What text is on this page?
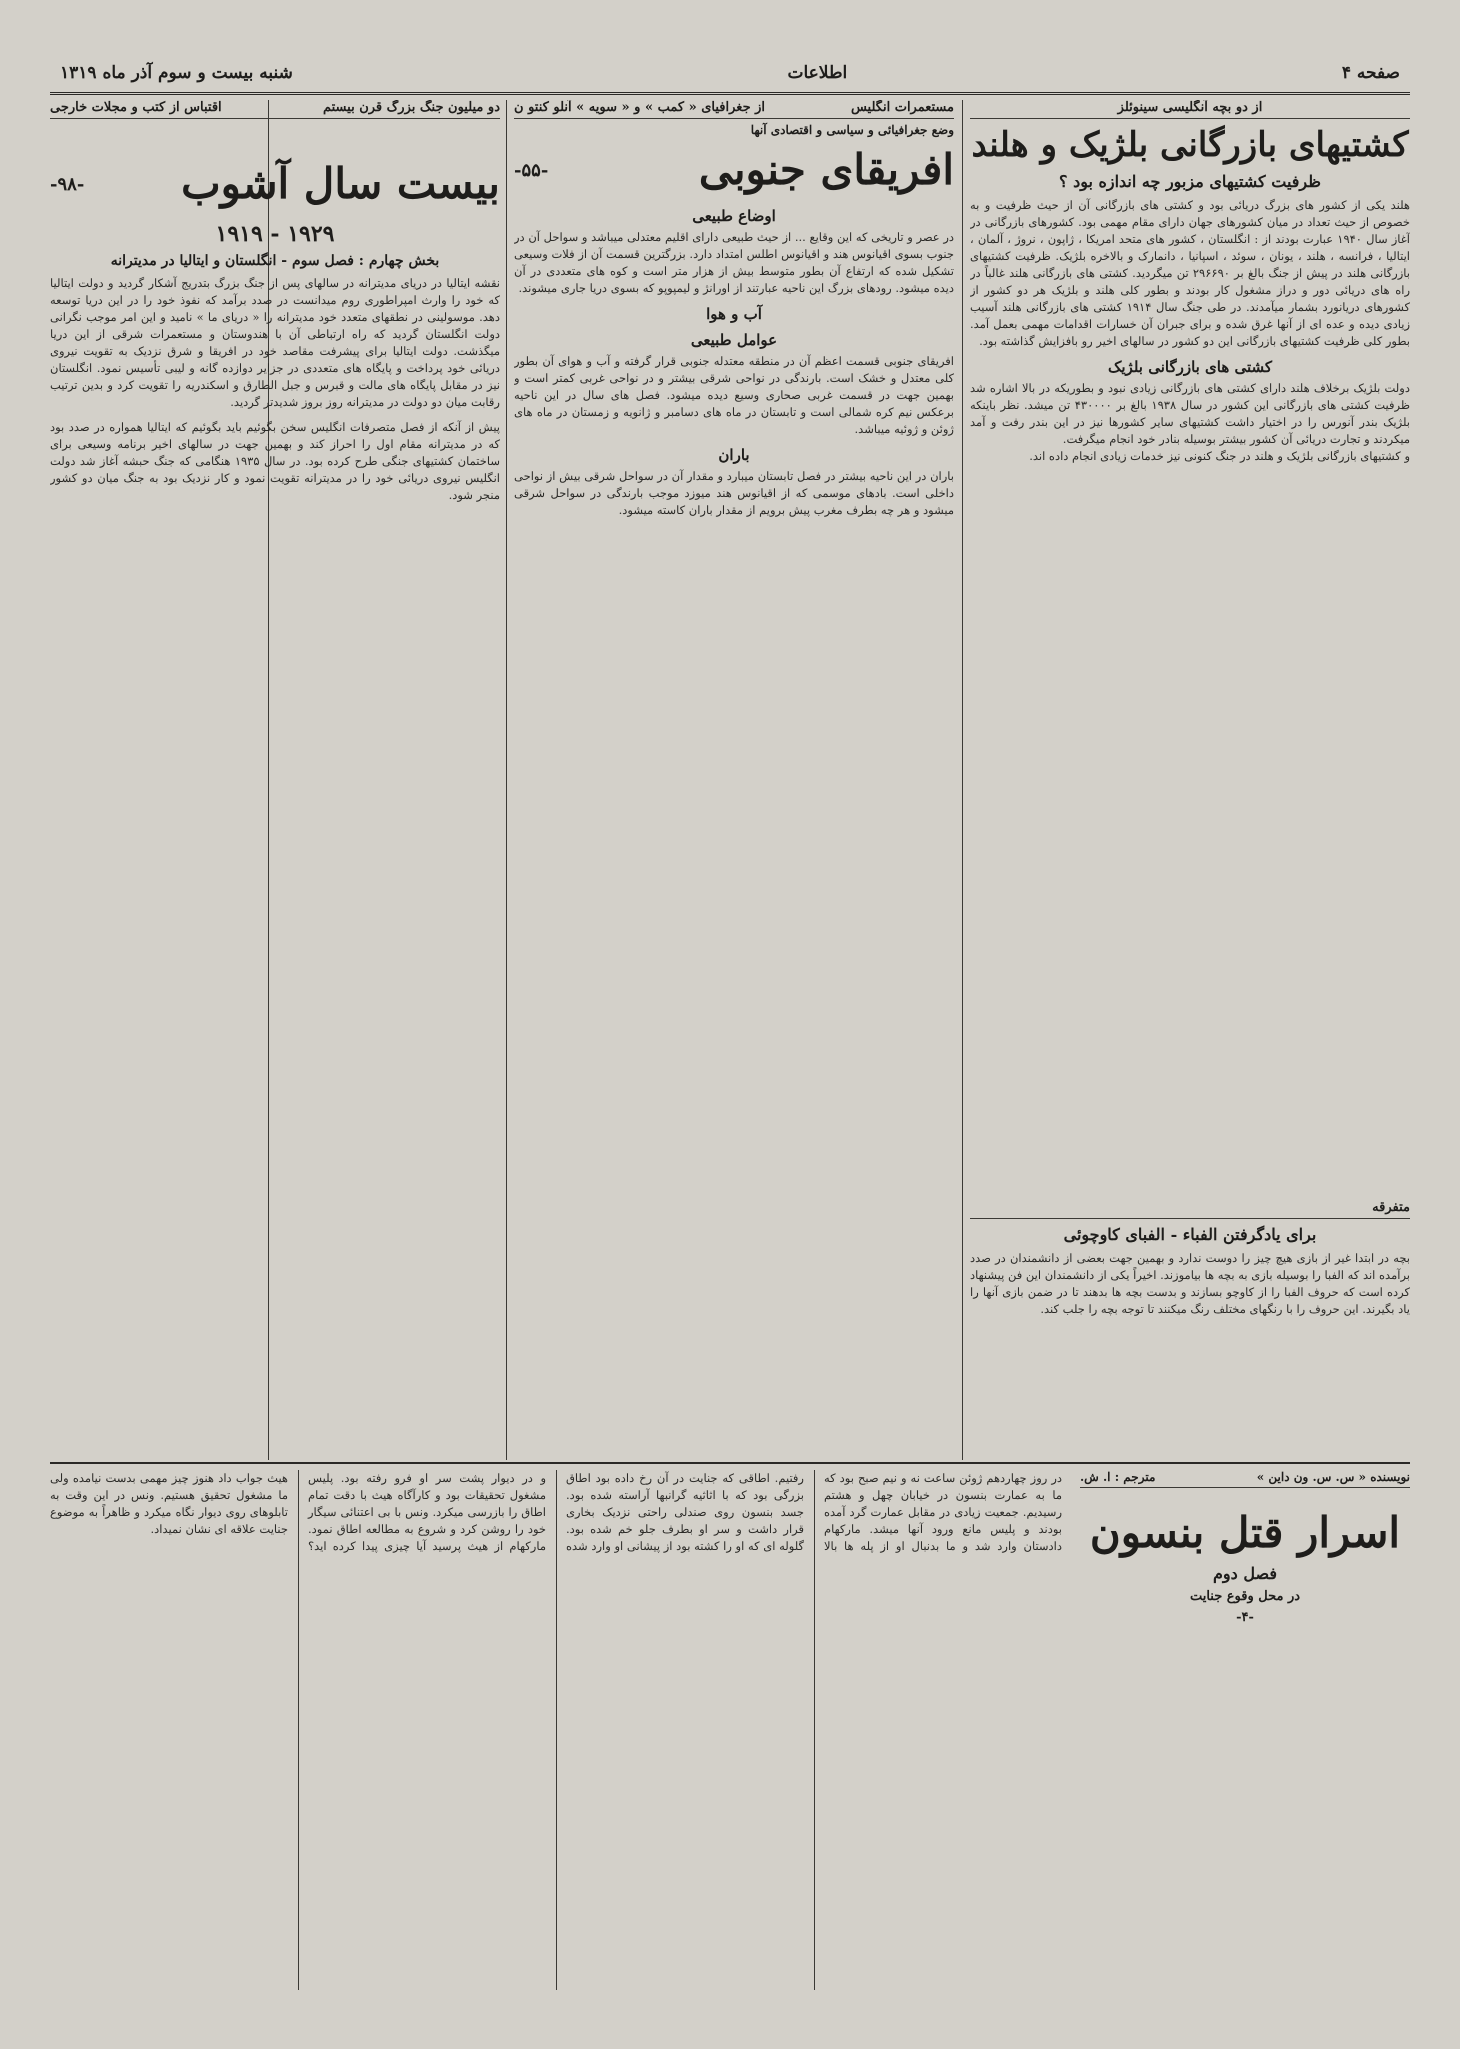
صفحه ۴
اطلاعات
شنبه بیست و سوم آذر ماه ۱۳۱۹
از دو بچه آنگلیسی سینوئلز
کشتیهای بازرگانی بلژیک و هلند
ظرفیت کشتیهای مزبور چه اندازه بود ؟
هلند یکی از کشور های بزرگ دریائی بود و کشتی های بازرگانی آن از حیث ظرفیت و به خصوص از حیث تعداد در میان کشورهای جهان دارای مقام مهمی بود. کشورهای بازرگانی در آغاز سال ۱۹۴۰ عبارت بودند از : انگلستان ، کشور های متحد امریکا ، ژاپون ، نروژ ، آلمان ، ایتالیا ، فرانسه ، هلند ، یونان ، سوئد ، اسپانیا ، دانمارک و بالاخره بلژیک. ظرفیت کشتیهای بازرگانی هلند در پیش از جنگ بالغ بر ۲۹۶۶۹۰ تن میگردید. کشتی های بازرگانی هلند غالباً در راه های دریائی دور و دراز مشغول کار بودند و بطور کلی هلند و بلژیک هر دو کشور از کشورهای دریانورد بشمار میآمدند. در طی جنگ سال ۱۹۱۴ کشتی های بازرگانی هلند آسیب زیادی دیده و عده ای از آنها غرق شده و برای جبران آن خسارات اقدامات مهمی بعمل آمد. بطور کلی ظرفیت کشتیهای بازرگانی این دو کشور در سالهای اخیر رو بافزایش گذاشته بود.
کشتی های بازرگانی بلژیک
دولت بلژیک برخلاف هلند دارای کشتی های بازرگانی زیادی نبود و بطوریکه در بالا اشاره شد ظرفیت کشتی های بازرگانی این کشور در سال ۱۹۳۸ بالغ بر ۴۳۰۰۰۰ تن میشد. نظر باینکه بلژیک بندر آنورس را در اختیار داشت کشتیهای سایر کشورها نیز در این بندر رفت و آمد میکردند و تجارت دریائی آن کشور بیشتر بوسیله بنادر خود انجام میگرفت.
و کشتیهای بازرگانی بلژیک و هلند در جنگ کنونی نیز خدمات زیادی انجام داده اند.
متفرقه
برای یادگرفتن الفباء - الفبای کاوچوئی
بچه در ابتدا غیر از بازی هیچ چیز را دوست ندارد و بهمین جهت بعضی از دانشمندان در صدد برآمده اند که الفبا را بوسیله بازی به بچه ها بیاموزند. اخیراً یکی از دانشمندان این فن پیشنهاد کرده است که حروف الفبا را از کاوچو بسازند و بدست بچه ها بدهند تا در ضمن بازی آنها را یاد بگیرند. این حروف را با رنگهای مختلف رنگ میکنند تا توجه بچه را جلب کند.
مستعمرات انگلیس
از جغرافیای « کمب » و « سویه » آنلو کنتو ن
وضع جغرافیائی و سیاسی و اقتصادی آنها
افریقای جنوبی
-۵۵-
اوضاع طبیعی
در عصر و تاریخی که این وقایع ... از حیث طبیعی دارای اقلیم معتدلی میباشد و سواحل آن در جنوب بسوی اقیانوس هند و اقیانوس اطلس امتداد دارد. بزرگترین قسمت آن از فلات وسیعی تشکیل شده که ارتفاع آن بطور متوسط بیش از هزار متر است و کوه های متعددی در آن دیده میشود. رودهای بزرگ این ناحیه عبارتند از اورانژ و لیمپوپو که بسوی دریا جاری میشوند.
آب و هوا
عوامل طبیعی
افریقای جنوبی قسمت اعظم آن در منطقه معتدله جنوبی قرار گرفته و آب و هوای آن بطور کلی معتدل و خشک است. بارندگی در نواحی شرقی بیشتر و در نواحی غربی کمتر است و بهمین جهت در قسمت غربی صحاری وسیع دیده میشود. فصل های سال در این ناحیه برعکس نیم کره شمالی است و تابستان در ماه های دسامبر و ژانویه و زمستان در ماه های ژوئن و ژوئیه میباشد.
باران
باران در این ناحیه بیشتر در فصل تابستان میبارد و مقدار آن در سواحل شرقی بیش از نواحی داخلی است. بادهای موسمی که از اقیانوس هند میوزد موجب بارندگی در سواحل شرقی میشود و هر چه بطرف مغرب پیش برویم از مقدار باران کاسته میشود.
دو میلیون جنگ بزرگ قرن بیستم
اقتباس از کتب و مجلات خارجی
بیست سال آشوب
-۹۸-
۱۹۲۹ - ۱۹۱۹
بخش چهارم : فصل سوم - انگلستان و ایتالیا در مدیترانه
نقشه ایتالیا در دریای مدیترانه در سالهای پس از جنگ بزرگ بتدریج آشکار گردید و دولت ایتالیا که خود را وارث امپراطوری روم میدانست در صدد برآمد که نفوذ خود را در این دریا توسعه دهد. موسولینی در نطقهای متعدد خود مدیترانه را « دریای ما » نامید و این امر موجب نگرانی دولت انگلستان گردید که راه ارتباطی آن با هندوستان و مستعمرات شرقی از این دریا میگذشت. دولت ایتالیا برای پیشرفت مقاصد خود در افریقا و شرق نزدیک به تقویت نیروی دریائی خود پرداخت و پایگاه های متعددی در جزایر دوازده گانه و لیبی تأسیس نمود. انگلستان نیز در مقابل پایگاه های مالت و قبرس و جبل الطارق و اسکندریه را تقویت کرد و بدین ترتیب رقابت میان دو دولت در مدیترانه روز بروز شدیدتر گردید.
پیش از آنکه از فصل متصرفات انگلیس سخن بگوئیم باید بگوئیم که ایتالیا همواره در صدد بود که در مدیترانه مقام اول را احراز کند و بهمین جهت در سالهای اخیر برنامه وسیعی برای ساختمان کشتیهای جنگی طرح کرده بود. در سال ۱۹۳۵ هنگامی که جنگ حبشه آغاز شد دولت انگلیس نیروی دریائی خود را در مدیترانه تقویت نمود و کار نزدیک بود به جنگ میان دو کشور منجر شود.
نویسنده « س. س. ون داین »
مترجم : ا. ش.
اسرار قتل بنسون
فصل دوم
در محل وقوع جنایت
-۴-
در روز چهاردهم ژوئن ساعت نه و نیم صبح بود که ما به عمارت بنسون در خیابان چهل و هشتم رسیدیم. جمعیت زیادی در مقابل عمارت گرد آمده بودند و پلیس مانع ورود آنها میشد. مارکهام دادستان وارد شد و ما بدنبال او از پله ها بالا رفتیم. اطاقی که جنایت در آن رخ داده بود اطاق بزرگی بود که با اثاثیه گرانبها آراسته شده بود. جسد بنسون روی صندلی راحتی نزدیک بخاری قرار داشت و سر او بطرف جلو خم شده بود. گلوله ای که او را کشته بود از پیشانی او وارد شده و در دیوار پشت سر او فرو رفته بود. پلیس مشغول تحقیقات بود و کارآگاه هیث با دقت تمام اطاق را بازرسی میکرد. ونس با بی اعتنائی سیگار خود را روشن کرد و شروع به مطالعه اطاق نمود. مارکهام از هیث پرسید آیا چیزی پیدا کرده اید؟ هیث جواب داد هنوز چیز مهمی بدست نیامده ولی ما مشغول تحقیق هستیم. ونس در این وقت به تابلوهای روی دیوار نگاه میکرد و ظاهراً به موضوع جنایت علاقه ای نشان نمیداد.
